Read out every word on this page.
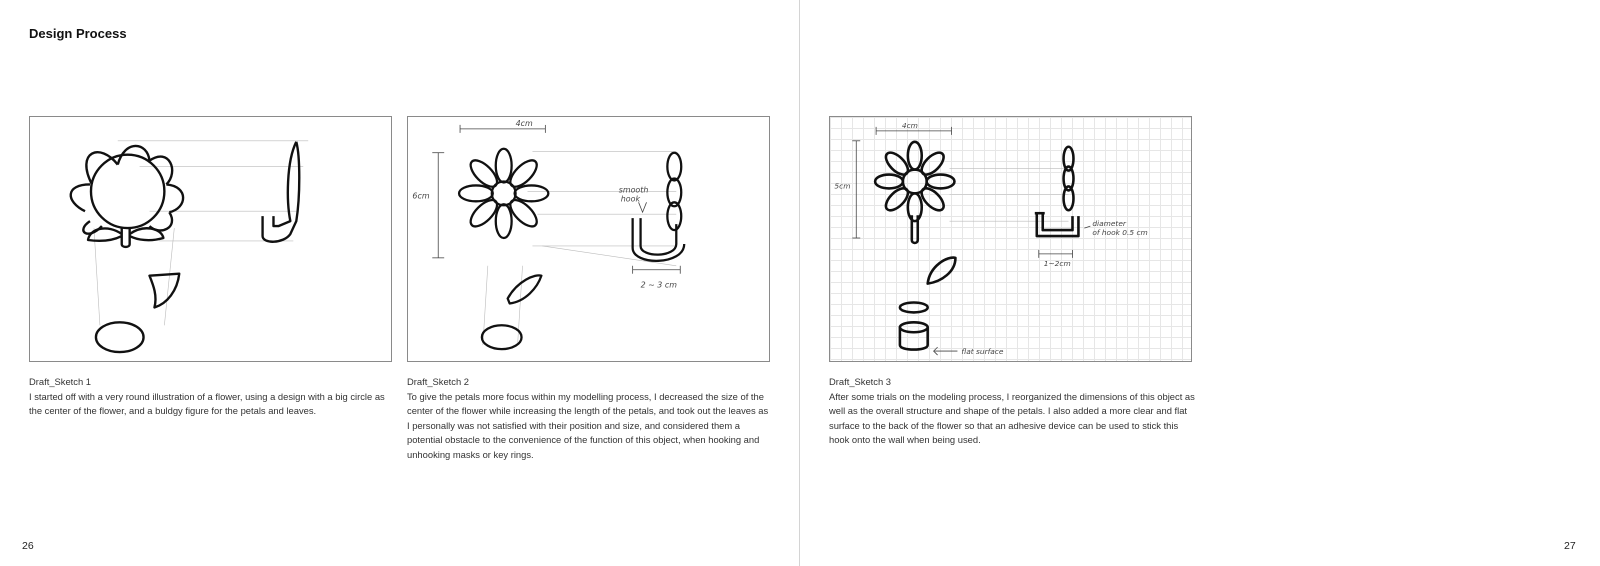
Design Process
4cm
6cm
smooth
hook
2 ~ 3 cm
4cm
5cm
diameter
of hook 0.5 cm
1~2cm
flat surface
Draft_Sketch 1
I started off with a very round illustration of a flower, using a design with a big circle as the center of the flower, and a buldgy figure for the petals and leaves.
Draft_Sketch 2
To give the petals more focus within my modelling process, I decreased the size of the center of the flower while increasing the length of the petals, and took out the leaves as I personally was not satisfied with their position and size, and considered them a potential obstacle to the convenience of the function of this object, when hooking and unhooking masks or key rings.
Draft_Sketch 3
After some trials on the modeling process, I reorganized the dimensions of this object as well as the overall structure and shape of the petals. I also added a more clear and flat surface to the back of the flower so that an adhesive device can be used to stick this hook onto the wall when being used.
26	27
